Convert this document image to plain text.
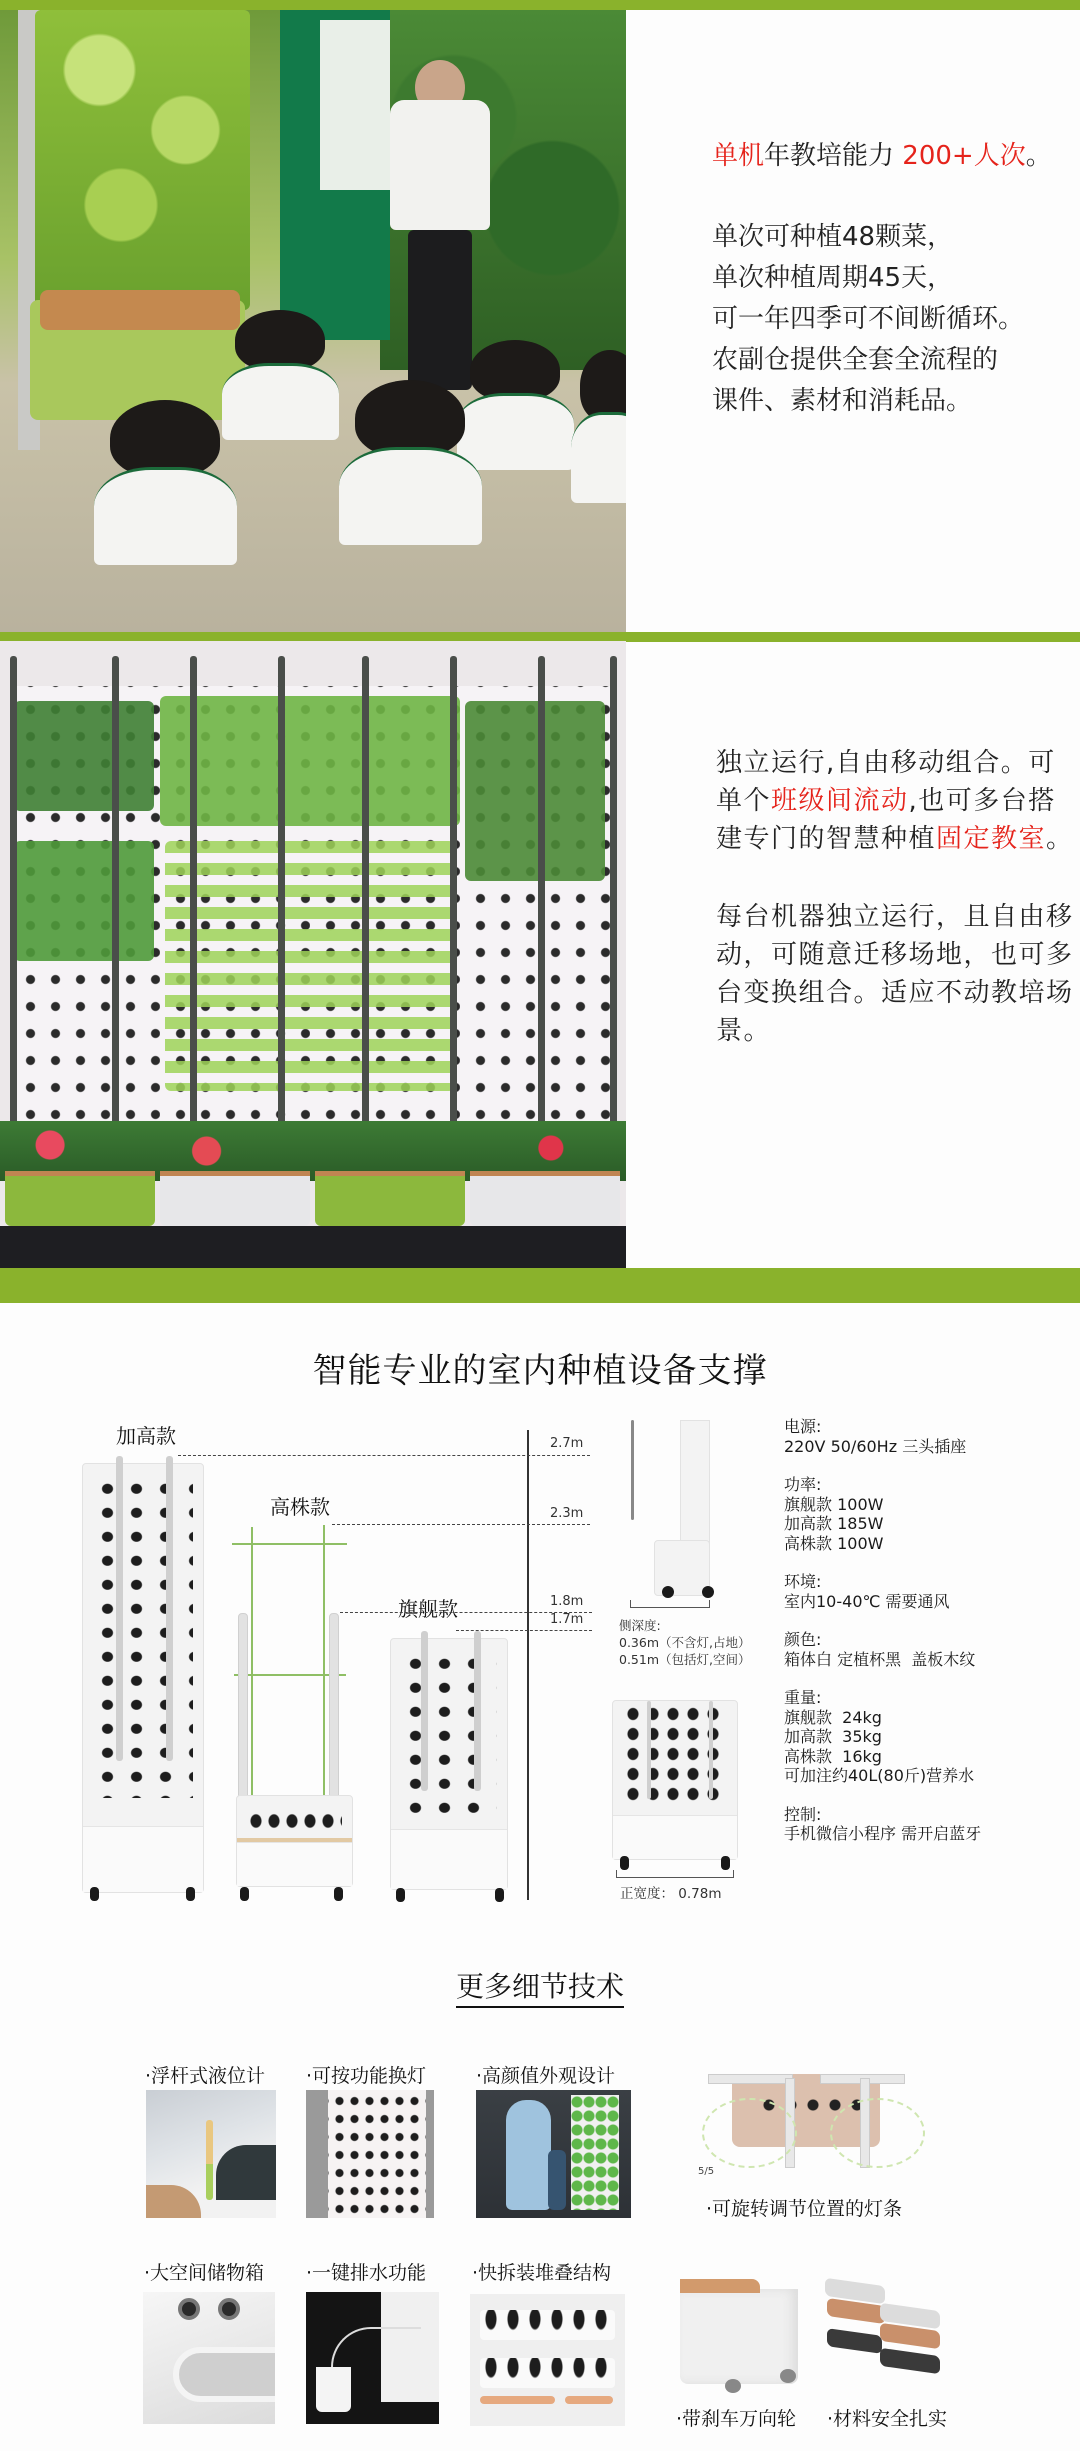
单机年教培能力 200+人次。

单次可种植48颗菜，

单次种植周期45天，

可一年四季可不间断循环。

农副仓提供全套全流程的

课件、素材和消耗品。

独立运行,自由移动组合。可单个班级间流动,也可多台搭建专门的智慧种植固定教室。

每台机器独立运行，且自由移动，可随意迁移场地，也可多台变换组合。适应不动教培场景。

智能专业的室内种植设备支撑
加高款
高株款
旗舰款
2.7m
2.3m
1.8m
1.7m	侧深度:
0.36m（不含灯,占地）
0.51m（包括灯,空间）
正宽度： 0.78m
电源:
220V 50/60Hz 三头插座
功率:
旗舰款 100W
加高款 185W
高株款 100W
环境:
室内10-40℃ 需要通风
颜色:
箱体白 定植杯黑  盖板木纹
重量:
旗舰款  24kg
加高款  35kg
高株款  16kg
可加注约40L(80斤)营养水
控制:
手机微信小程序 需开启蓝牙
更多细节技术
·浮杆式液位计 ·可按功能换灯	·高颜值外观设计
5/5
·可旋转调节位置的灯条
·大空间储物箱 ·一键排水功能 ·快拆装堆叠结构
·带刹车万向轮 ·材料安全扎实
